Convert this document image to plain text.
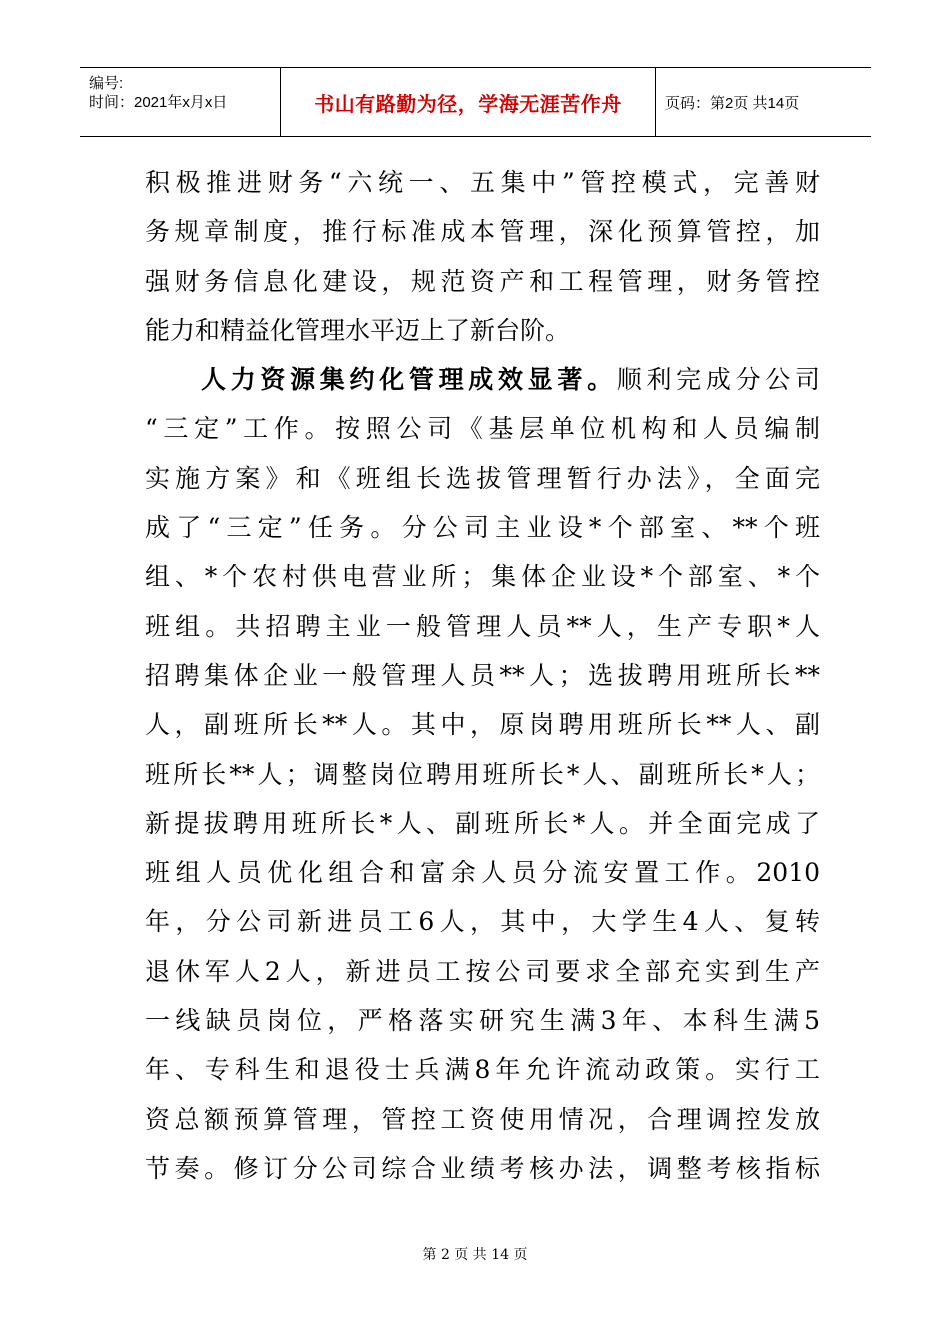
编号:
时间：2021年x月x日	书山有路勤为径，学海无涯苦作舟	页码：第2页 共14页
积极推进财务“六统一、五集中”管控模式，完善财
务规章制度，推行标准成本管理，深化预算管控，加
强财务信息化建设，规范资产和工程管理，财务管控
能力和精益化管理水平迈上了新台阶。
人力资源集约化管理成效显著。顺利完成分公司
“三定”工作。按照公司《基层单位机构和人员编制
实施方案》和《班组长选拔管理暂行办法》，全面完
成了“三定”任务。分公司主业设*个部室、**个班
组、*个农村供电营业所；集体企业设*个部室、*个
班组。共招聘主业一般管理人员**人，生产专职*人
招聘集体企业一般管理人员**人；选拔聘用班所长**
人，副班所长**人。其中，原岗聘用班所长**人、副
班所长**人；调整岗位聘用班所长*人、副班所长*人；
新提拔聘用班所长*人、副班所长*人。并全面完成了
班组人员优化组合和富余人员分流安置工作。2010
年，分公司新进员工6人，其中，大学生4人、复转
退休军人2人，新进员工按公司要求全部充实到生产
一线缺员岗位，严格落实研究生满3年、本科生满5
年、专科生和退役士兵满8年允许流动政策。实行工
资总额预算管理，管控工资使用情况，合理调控发放
节奏。修订分公司综合业绩考核办法，调整考核指标
第 2 页 共 14 页
